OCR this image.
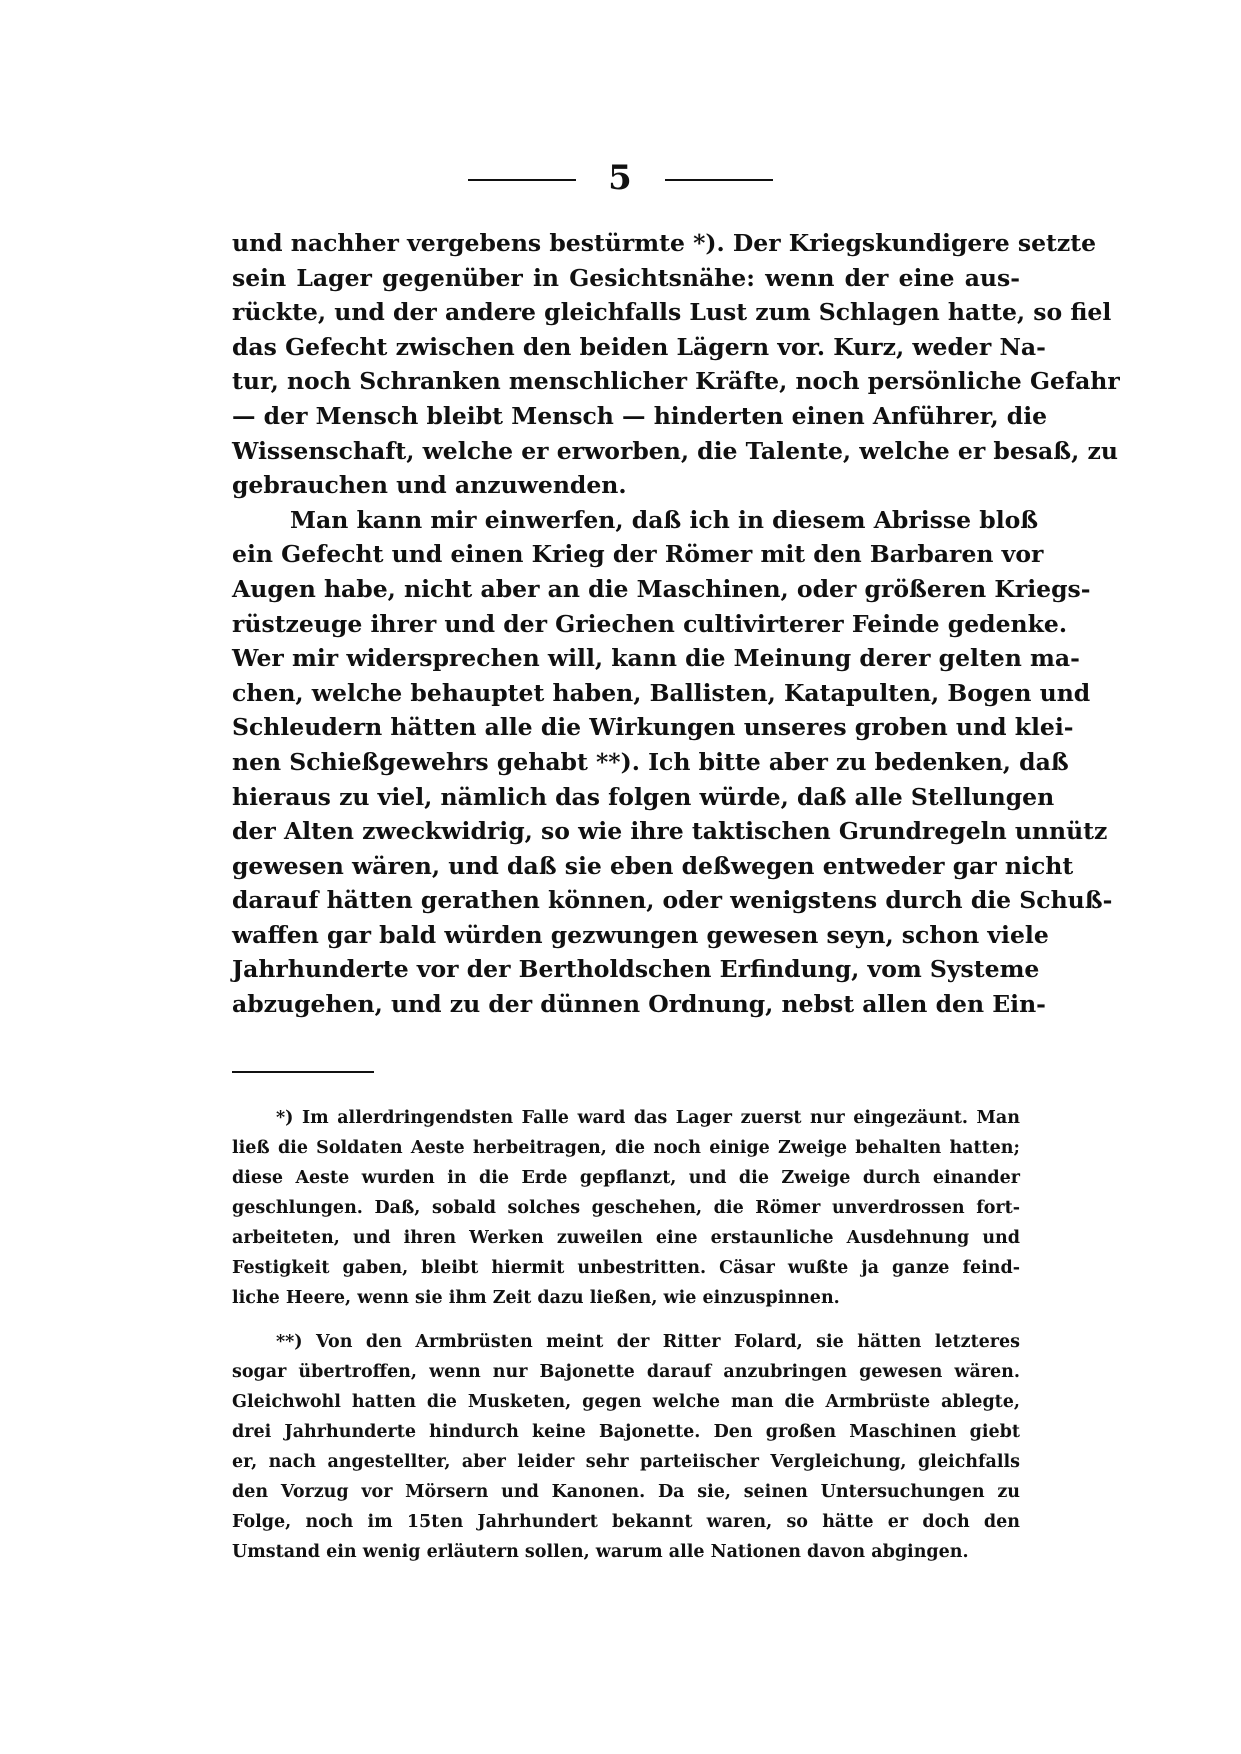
5
und nachher vergebens bestürmte *). Der Kriegskundigere setzte
sein Lager gegenüber in Gesichtsnähe: wenn der eine aus-
rückte, und der andere gleichfalls Lust zum Schlagen hatte, so fiel
das Gefecht zwischen den beiden Lägern vor. Kurz, weder Na-
tur, noch Schranken menschlicher Kräfte, noch persönliche Gefahr
— der Mensch bleibt Mensch — hinderten einen Anführer, die
Wissenschaft, welche er erworben, die Talente, welche er besaß, zu
gebrauchen und anzuwenden.
Man kann mir einwerfen, daß ich in diesem Abrisse bloß
ein Gefecht und einen Krieg der Römer mit den Barbaren vor
Augen habe, nicht aber an die Maschinen, oder größeren Kriegs-
rüstzeuge ihrer und der Griechen cultivirterer Feinde gedenke.
Wer mir widersprechen will, kann die Meinung derer gelten ma-
chen, welche behauptet haben, Ballisten, Katapulten, Bogen und
Schleudern hätten alle die Wirkungen unseres groben und klei-
nen Schießgewehrs gehabt **). Ich bitte aber zu bedenken, daß
hieraus zu viel, nämlich das folgen würde, daß alle Stellungen
der Alten zweckwidrig, so wie ihre taktischen Grundregeln unnütz
gewesen wären, und daß sie eben deßwegen entweder gar nicht
darauf hätten gerathen können, oder wenigstens durch die Schuß-
waffen gar bald würden gezwungen gewesen seyn, schon viele
Jahrhunderte vor der Bertholdschen Erfindung, vom Systeme
abzugehen, und zu der dünnen Ordnung, nebst allen den Ein-
*) Im allerdringendsten Falle ward das Lager zuerst nur eingezäunt. Man
ließ die Soldaten Aeste herbeitragen, die noch einige Zweige behalten hatten;
diese Aeste wurden in die Erde gepflanzt, und die Zweige durch einander
geschlungen. Daß, sobald solches geschehen, die Römer unverdrossen fort-
arbeiteten, und ihren Werken zuweilen eine erstaunliche Ausdehnung und
Festigkeit gaben, bleibt hiermit unbestritten. Cäsar wußte ja ganze feind-
liche Heere, wenn sie ihm Zeit dazu ließen, wie einzuspinnen.
**) Von den Armbrüsten meint der Ritter Folard, sie hätten letzteres
sogar übertroffen, wenn nur Bajonette darauf anzubringen gewesen wären.
Gleichwohl hatten die Musketen, gegen welche man die Armbrüste ablegte,
drei Jahrhunderte hindurch keine Bajonette. Den großen Maschinen giebt
er, nach angestellter, aber leider sehr parteiischer Vergleichung, gleichfalls
den Vorzug vor Mörsern und Kanonen. Da sie, seinen Untersuchungen zu
Folge, noch im 15ten Jahrhundert bekannt waren, so hätte er doch den
Umstand ein wenig erläutern sollen, warum alle Nationen davon abgingen.
